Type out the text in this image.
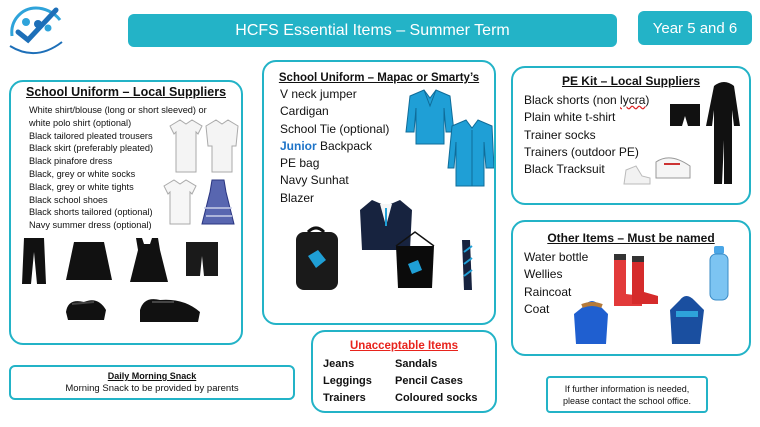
HCFS Essential Items – Summer Term	Year 5 and 6
School Uniform – Local Suppliers
White shirt/blouse (long or short sleeved) or
white polo shirt (optional)
Black tailored pleated trousers
Black skirt (preferably pleated)
Black pinafore dress
Black, grey or white socks
Black, grey or white tights
Black school shoes
Black shorts tailored (optional)
Navy summer dress (optional)
School Uniform – Mapac or Smarty’s
V neck jumper
Cardigan
School Tie (optional)
Junior Backpack
PE bag
Navy Sunhat
Blazer
PE Kit – Local Suppliers
Black shorts (non lycra)
Plain white t-shirt
Trainer socks
Trainers (outdoor PE)
Black Tracksuit
Other Items – Must be named
Water bottle
Wellies
Raincoat
Coat
Unacceptable Items
Jeans	Sandals
Leggings	Pencil Cases
Trainers	Coloured socks
Daily Morning Snack
Morning Snack to be provided by parents	If further information is needed,
please contact the school office.
